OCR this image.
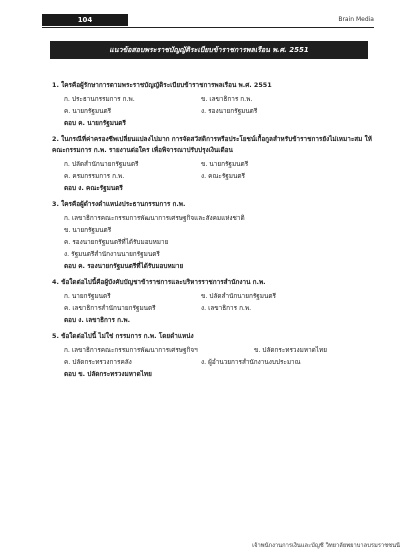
104	Brain Media
แนวข้อสอบพระราชบัญญัติระเบียบข้าราชการพลเรือน พ.ศ. 2551
1. ใครคือผู้รักษาการตามพระราชบัญญัติระเบียบข้าราชการพลเรือน พ.ศ. 2551
ก. ประธานกรรมการ ก.พ.	ข. เลขาธิการ ก.พ.
ค. นายกรัฐมนตรี	ง. รองนายกรัฐมนตรี
ตอบ ค. นายกรัฐมนตรี
2. ในกรณีที่ค่าครองชีพเปลี่ยนแปลงไปมาก การจัดสวัสดิการหรือประโยชน์เกื้อกูลสำหรับข้าราชการยังไม่เหมาะสม ให้คณะกรรมการ ก.พ. รายงานต่อใคร เพื่อพิจารณาปรับปรุงเงินเดือน
ก. ปลัดสำนักนายกรัฐมนตรี	ข. นายกรัฐมนตรี
ค. ครมกรรมการ ก.พ.	ง. คณะรัฐมนตรี
ตอบ ง. คณะรัฐมนตรี
3. ใครคือผู้ดำรงตำแหน่งประธานกรรมการ ก.พ.
ก. เลขาธิการคณะกรรมการพัฒนาการเศรษฐกิจและสังคมแห่งชาติ
ข. นายกรัฐมนตรี
ค. รองนายกรัฐมนตรีที่ได้รับมอบหมาย
ง. รัฐมนตรีสำนักงานนายกรัฐมนตรี
ตอบ ค. รองนายกรัฐมนตรีที่ได้รับมอบหมาย
4. ข้อใดต่อไปนี้คือผู้บังคับบัญชาข้าราชการและบริหารราชการสำนักงาน ก.พ.
ก. นายกรัฐมนตรี	ข. ปลัดสำนักนายกรัฐมนตรี
ค. เลขาธิการสำนักนายกรัฐมนตรี	ง. เลขาธิการ ก.พ.
ตอบ ง. เลขาธิการ ก.พ.
5. ข้อใดต่อไปนี้ ไม่ใช่ กรรมการ ก.พ. โดยตำแหน่ง
ก. เลขาธิการคณะกรรมการพัฒนาการเศรษฐกิจฯ	ข. ปลัดกระทรวงมหาดไทย
ค. ปลัดกระทรวงการคลัง	ง. ผู้อำนวยการสำนักงานงบประมาณ
ตอบ ข. ปลัดกระทรวงมหาดไทย
เจ้าพนักงานการเงินและบัญชี วิทยาลัยพยาบาลบรมราชชนนี
